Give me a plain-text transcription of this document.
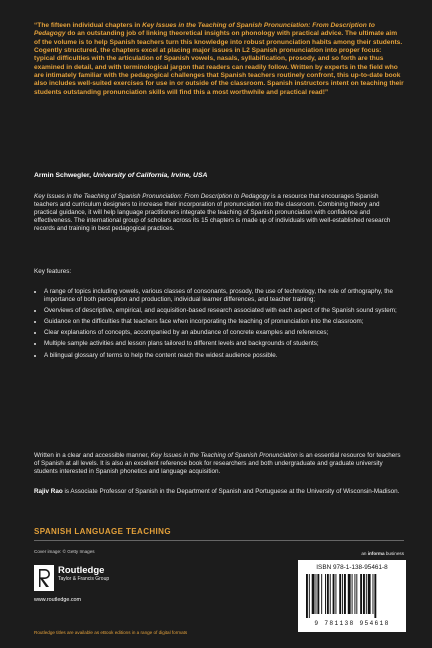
“The fifteen individual chapters in Key Issues in the Teaching of Spanish Pronunciation: From Description to Pedagogy do an outstanding job of linking theoretical insights on phonology with practical advice. The ultimate aim of the volume is to help Spanish teachers turn this knowledge into robust pronunciation habits among their students. Cogently structured, the chapters excel at placing major issues in L2 Spanish pronunciation into proper focus: typical difficulties with the articulation of Spanish vowels, nasals, syllabification, prosody, and so forth are thus examined in detail, and with terminological jargon that readers can readily follow. Written by experts in the field who are intimately familiar with the pedagogical challenges that Spanish teachers routinely confront, this up-to-date book also includes well-suited exercises for use in or outside of the classroom. Spanish instructors intent on teaching their students outstanding pronunciation skills will find this a most worthwhile and practical read!”
Armin Schwegler, University of California, Irvine, USA
Key Issues in the Teaching of Spanish Pronunciation: From Description to Pedagogy is a resource that encourages Spanish teachers and curriculum designers to increase their incorporation of pronunciation into the classroom. Combining theory and practical guidance, it will help language practitioners integrate the teaching of Spanish pronunciation with confidence and effectiveness. The international group of scholars across its 15 chapters is made up of individuals with well-established research records and training in best pedagogical practices.
Key features:
• A range of topics including vowels, various classes of consonants, prosody, the use of technology, the role of orthography, the importance of both perception and production, individual learner differences, and teacher training;
• Overviews of descriptive, empirical, and acquisition-based research associated with each aspect of the Spanish sound system;
• Guidance on the difficulties that teachers face when incorporating the teaching of pronunciation into the classroom;
• Clear explanations of concepts, accompanied by an abundance of concrete examples and references;
• Multiple sample activities and lesson plans tailored to different levels and backgrounds of students;
• A bilingual glossary of terms to help the content reach the widest audience possible.
Written in a clear and accessible manner, Key Issues in the Teaching of Spanish Pronunciation is an essential resource for teachers of Spanish at all levels. It is also an excellent reference book for researchers and both undergraduate and graduate university students interested in Spanish phonetics and language acquisition.
Rajiv Rao is Associate Professor of Spanish in the Department of Spanish and Portuguese at the University of Wisconsin-Madison.
SPANISH LANGUAGE TEACHING
Cover image: © Getty Images	an informa business
Routledge
Taylor & Francis Group
www.routledge.com
ISBN 978-1-138-95461-8
9 781138 954618
Routledge titles are available as eBook editions in a range of digital formats
